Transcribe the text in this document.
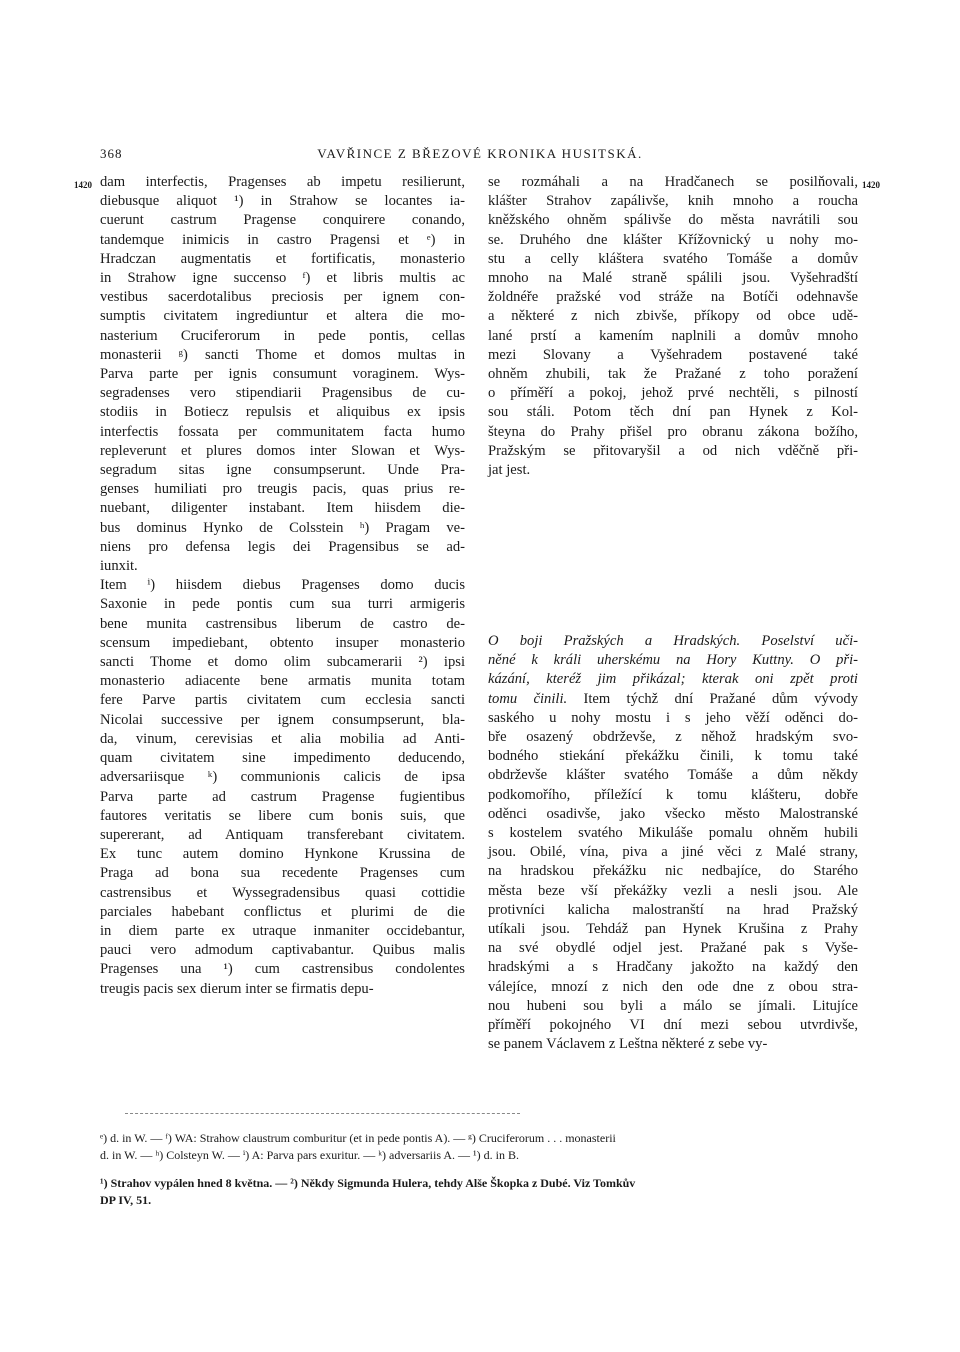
368	VAVŘINCE Z BŘEZOVÉ KRONIKA HUSITSKÁ.
1420	1420
dam interfectis, Pragenses ab impetu resilierunt,
diebusque aliquot ¹) in Strahow se locantes ia-
cuerunt castrum Pragense conquirere conando,
tandemque inimicis in castro Pragensi et ᵉ) in
Hradczan augmentatis et fortificatis, monasterio
in Strahow igne succenso ᶠ) et libris multis ac
vestibus sacerdotalibus preciosis per ignem con-
sumptis civitatem ingrediuntur et altera die mo-
nasterium Cruciferorum in pede pontis, cellas
monasterii ᵍ) sancti Thome et domos multas in
Parva parte per ignis consumunt voraginem. Wys-
segradenses vero stipendiarii Pragensibus de cu-
stodiis in Botiecz repulsis et aliquibus ex ipsis
interfectis fossata per communitatem facta humo
repleverunt et plures domos inter Slowan et Wys-
segradum sitas igne consumpserunt. Unde Pra-
genses humiliati pro treugis pacis, quas prius re-
nuebant, diligenter instabant. Item hiisdem die-
bus dominus Hynko de Colsstein ʰ) Pragam ve-
niens pro defensa legis dei Pragensibus se ad-
iunxit.
Item ⁱ) hiisdem diebus Pragenses domo ducis
Saxonie in pede pontis cum sua turri armigeris
bene munita castrensibus liberum de castro de-
scensum impediebant, obtento insuper monasterio
sancti Thome et domo olim subcamerarii ²) ipsi
monasterio adiacente bene armatis munita totam
fere Parve partis civitatem cum ecclesia sancti
Nicolai successive per ignem consumpserunt, bla-
da, vinum, cerevisias et alia mobilia ad Anti-
quam civitatem sine impedimento deducendo,
adversariisque ᵏ) communionis calicis de ipsa
Parva parte ad castrum Pragense fugientibus
fautores veritatis se libere cum bonis suis, que
supererant, ad Antiquam transferebant civitatem.
Ex tunc autem domino Hynkone Krussina de
Praga ad bona sua recedente Pragenses cum
castrensibus et Wyssegradensibus quasi cottidie
parciales habebant conflictus et plurimi de die
in diem parte ex utraque inmaniter occidebantur,
pauci vero admodum captivabantur. Quibus malis
Pragenses una ¹) cum castrensibus condolentes
treugis pacis sex dierum inter se firmatis depu-
se rozmáhali a na Hradčanech se posilňovali,
klášter Strahov zapálivše, knih mnoho a roucha
kněžského ohněm spálivše do města navrátili sou
se. Druhého dne klášter Křížovnický u nohy mo-
stu a celly kláštera svatého Tomáše a domův
mnoho na Malé straně spálili jsou. Vyšehradští
žoldnéře pražské vod stráže na Botíči odehnavše
a některé z nich zbivše, příkopy od obce udě-
lané prstí a kamením naplnili a domův mnoho
mezi Slovany a Vyšehradem postavené také
ohněm zhubili, tak že Pražané z toho poražení
o příměří a pokoj, jehož prvé nechtěli, s pilností
sou stáli. Potom těch dní pan Hynek z Kol-
šteyna do Prahy přišel pro obranu zákona božího,
Pražským se přitovaryšil a od nich vděčně při-
jat jest.
O boji Pražských a Hradských. Poselství uči-
něné k králi uherskému na Hory Kuttny. O při-
kázání, kteréž jim přikázal; kterak oni zpět proti
tomu činili. Item týchž dní Pražané dům vývody
saského u nohy mostu i s jeho věží oděnci do-
bře osazený obdrževše, z něhož hradským svo-
bodného stiekání překážku činili, k tomu také
obdrževše klášter svatého Tomáše a dům někdy
podkomořího, příležící k tomu klášteru, dobře
oděnci osadivše, jako všecko město Malostranské
s kostelem svatého Mikuláše pomalu ohněm hubili
jsou. Obilé, vína, piva a jiné věci z Malé strany,
na hradskou překážku nic nedbajíce, do Starého
města beze vší překážky vezli a nesli jsou. Ale
protivníci kalicha malostranští na hrad Pražský
utíkali jsou. Tehdáž pan Hynek Krušina z Prahy
na své obydlé odjel jest. Pražané pak s Vyše-
hradskými a s Hradčany jakožto na každý den
válejíce, mnozí z nich den ode dne z obou stra-
nou hubeni sou byli a málo se jímali. Litujíce
příměří pokojného VI dní mezi sebou utvrdivše,
se panem Václavem z Leštna některé z sebe vy-
ᵉ) d. in W. — ᶠ) WA: Strahow claustrum comburitur (et in pede pontis A). — ᵍ) Cruciferorum . . . monasterii
d. in W. — ʰ) Colsteyn W. — ⁱ) A: Parva pars exuritur. — ᵏ) adversariis A. — ¹) d. in B.
¹) Strahov vypálen hned 8 května. — ²) Někdy Sigmunda Hulera, tehdy Alše Škopka z Dubé. Viz Tomkův
DP IV, 51.
